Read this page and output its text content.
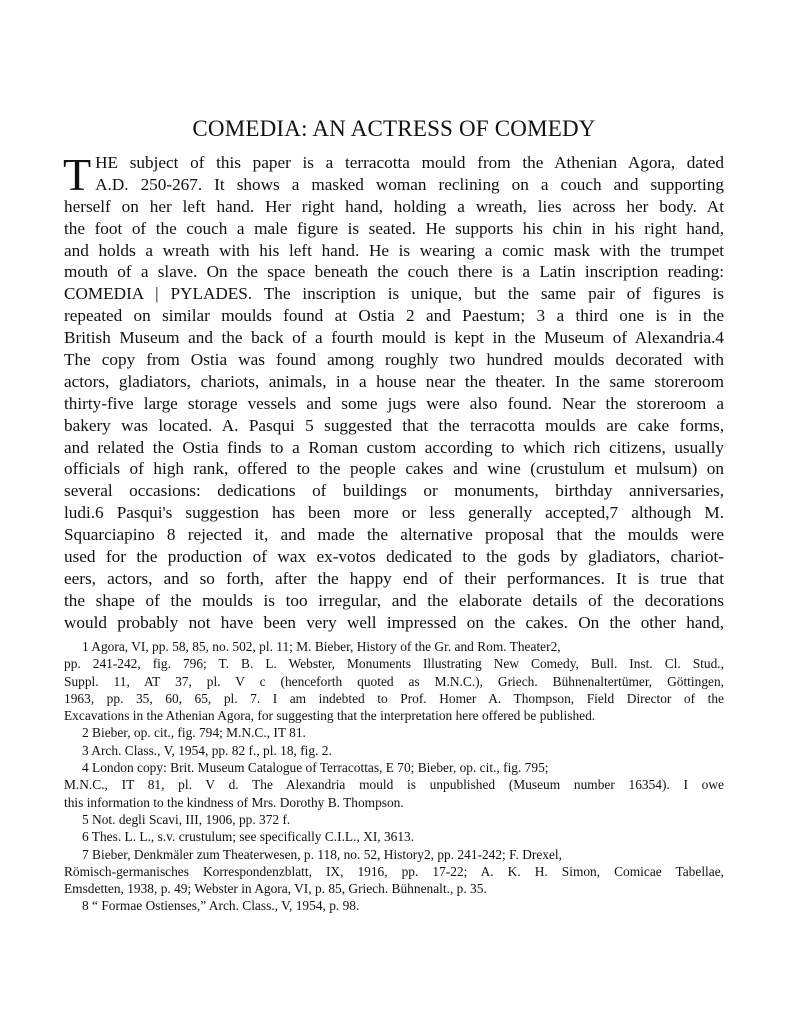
COMEDIA: AN ACTRESS OF COMEDY
T HE subject of this paper is a terracotta mould from the Athenian Agora, dated
A.D. 250-267. It shows a masked woman reclining on a couch and supporting
herself on her left hand. Her right hand, holding a wreath, lies across her body. At
the foot of the couch a male figure is seated. He supports his chin in his right hand,
and holds a wreath with his left hand. He is wearing a comic mask with the trumpet
mouth of a slave. On the space beneath the couch there is a Latin inscription reading:
COMEDIA | PYLADES. The inscription is unique, but the same pair of figures is
repeated on similar moulds found at Ostia 2 and Paestum; 3 a third one is in the
British Museum and the back of a fourth mould is kept in the Museum of Alexandria.4
The copy from Ostia was found among roughly two hundred moulds decorated with
actors, gladiators, chariots, animals, in a house near the theater. In the same storeroom
thirty-five large storage vessels and some jugs were also found. Near the storeroom a
bakery was located. A. Pasqui 5 suggested that the terracotta moulds are cake forms,
and related the Ostia finds to a Roman custom according to which rich citizens, usually
officials of high rank, offered to the people cakes and wine (crustulum et mulsum) on
several occasions: dedications of buildings or monuments, birthday anniversaries,
ludi.6 Pasqui's suggestion has been more or less generally accepted,7 although M.
Squarciapino 8 rejected it, and made the alternative proposal that the moulds were
used for the production of wax ex-votos dedicated to the gods by gladiators, chariot-
eers, actors, and so forth, after the happy end of their performances. It is true that
the shape of the moulds is too irregular, and the elaborate details of the decorations
would probably not have been very well impressed on the cakes. On the other hand,
1 Agora, VI, pp. 58, 85, no. 502, pl. 11; M. Bieber, History of the Gr. and Rom. Theater2,
pp. 241-242, fig. 796; T. B. L. Webster, Monuments Illustrating New Comedy, Bull. Inst. Cl. Stud.,
Suppl. 11, AT 37, pl. V c (henceforth quoted as M.N.C.), Griech. Bühnenaltertümer, Göttingen,
1963, pp. 35, 60, 65, pl. 7. I am indebted to Prof. Homer A. Thompson, Field Director of the
Excavations in the Athenian Agora, for suggesting that the interpretation here offered be published.
2 Bieber, op. cit., fig. 794; M.N.C., IT 81.
3 Arch. Class., V, 1954, pp. 82 f., pl. 18, fig. 2.
4 London copy: Brit. Museum Catalogue of Terracottas, E 70; Bieber, op. cit., fig. 795;
M.N.C., IT 81, pl. V d. The Alexandria mould is unpublished (Museum number 16354). I owe
this information to the kindness of Mrs. Dorothy B. Thompson.
5 Not. degli Scavi, III, 1906, pp. 372 f.
6 Thes. L. L., s.v. crustulum; see specifically C.I.L., XI, 3613.
7 Bieber, Denkmäler zum Theaterwesen, p. 118, no. 52, History2, pp. 241-242; F. Drexel,
Römisch-germanisches Korrespondenzblatt, IX, 1916, pp. 17-22; A. K. H. Simon, Comicae Tabellae,
Emsdetten, 1938, p. 49; Webster in Agora, VI, p. 85, Griech. Bühnenalt., p. 35.
8 “ Formae Ostienses,” Arch. Class., V, 1954, p. 98.
